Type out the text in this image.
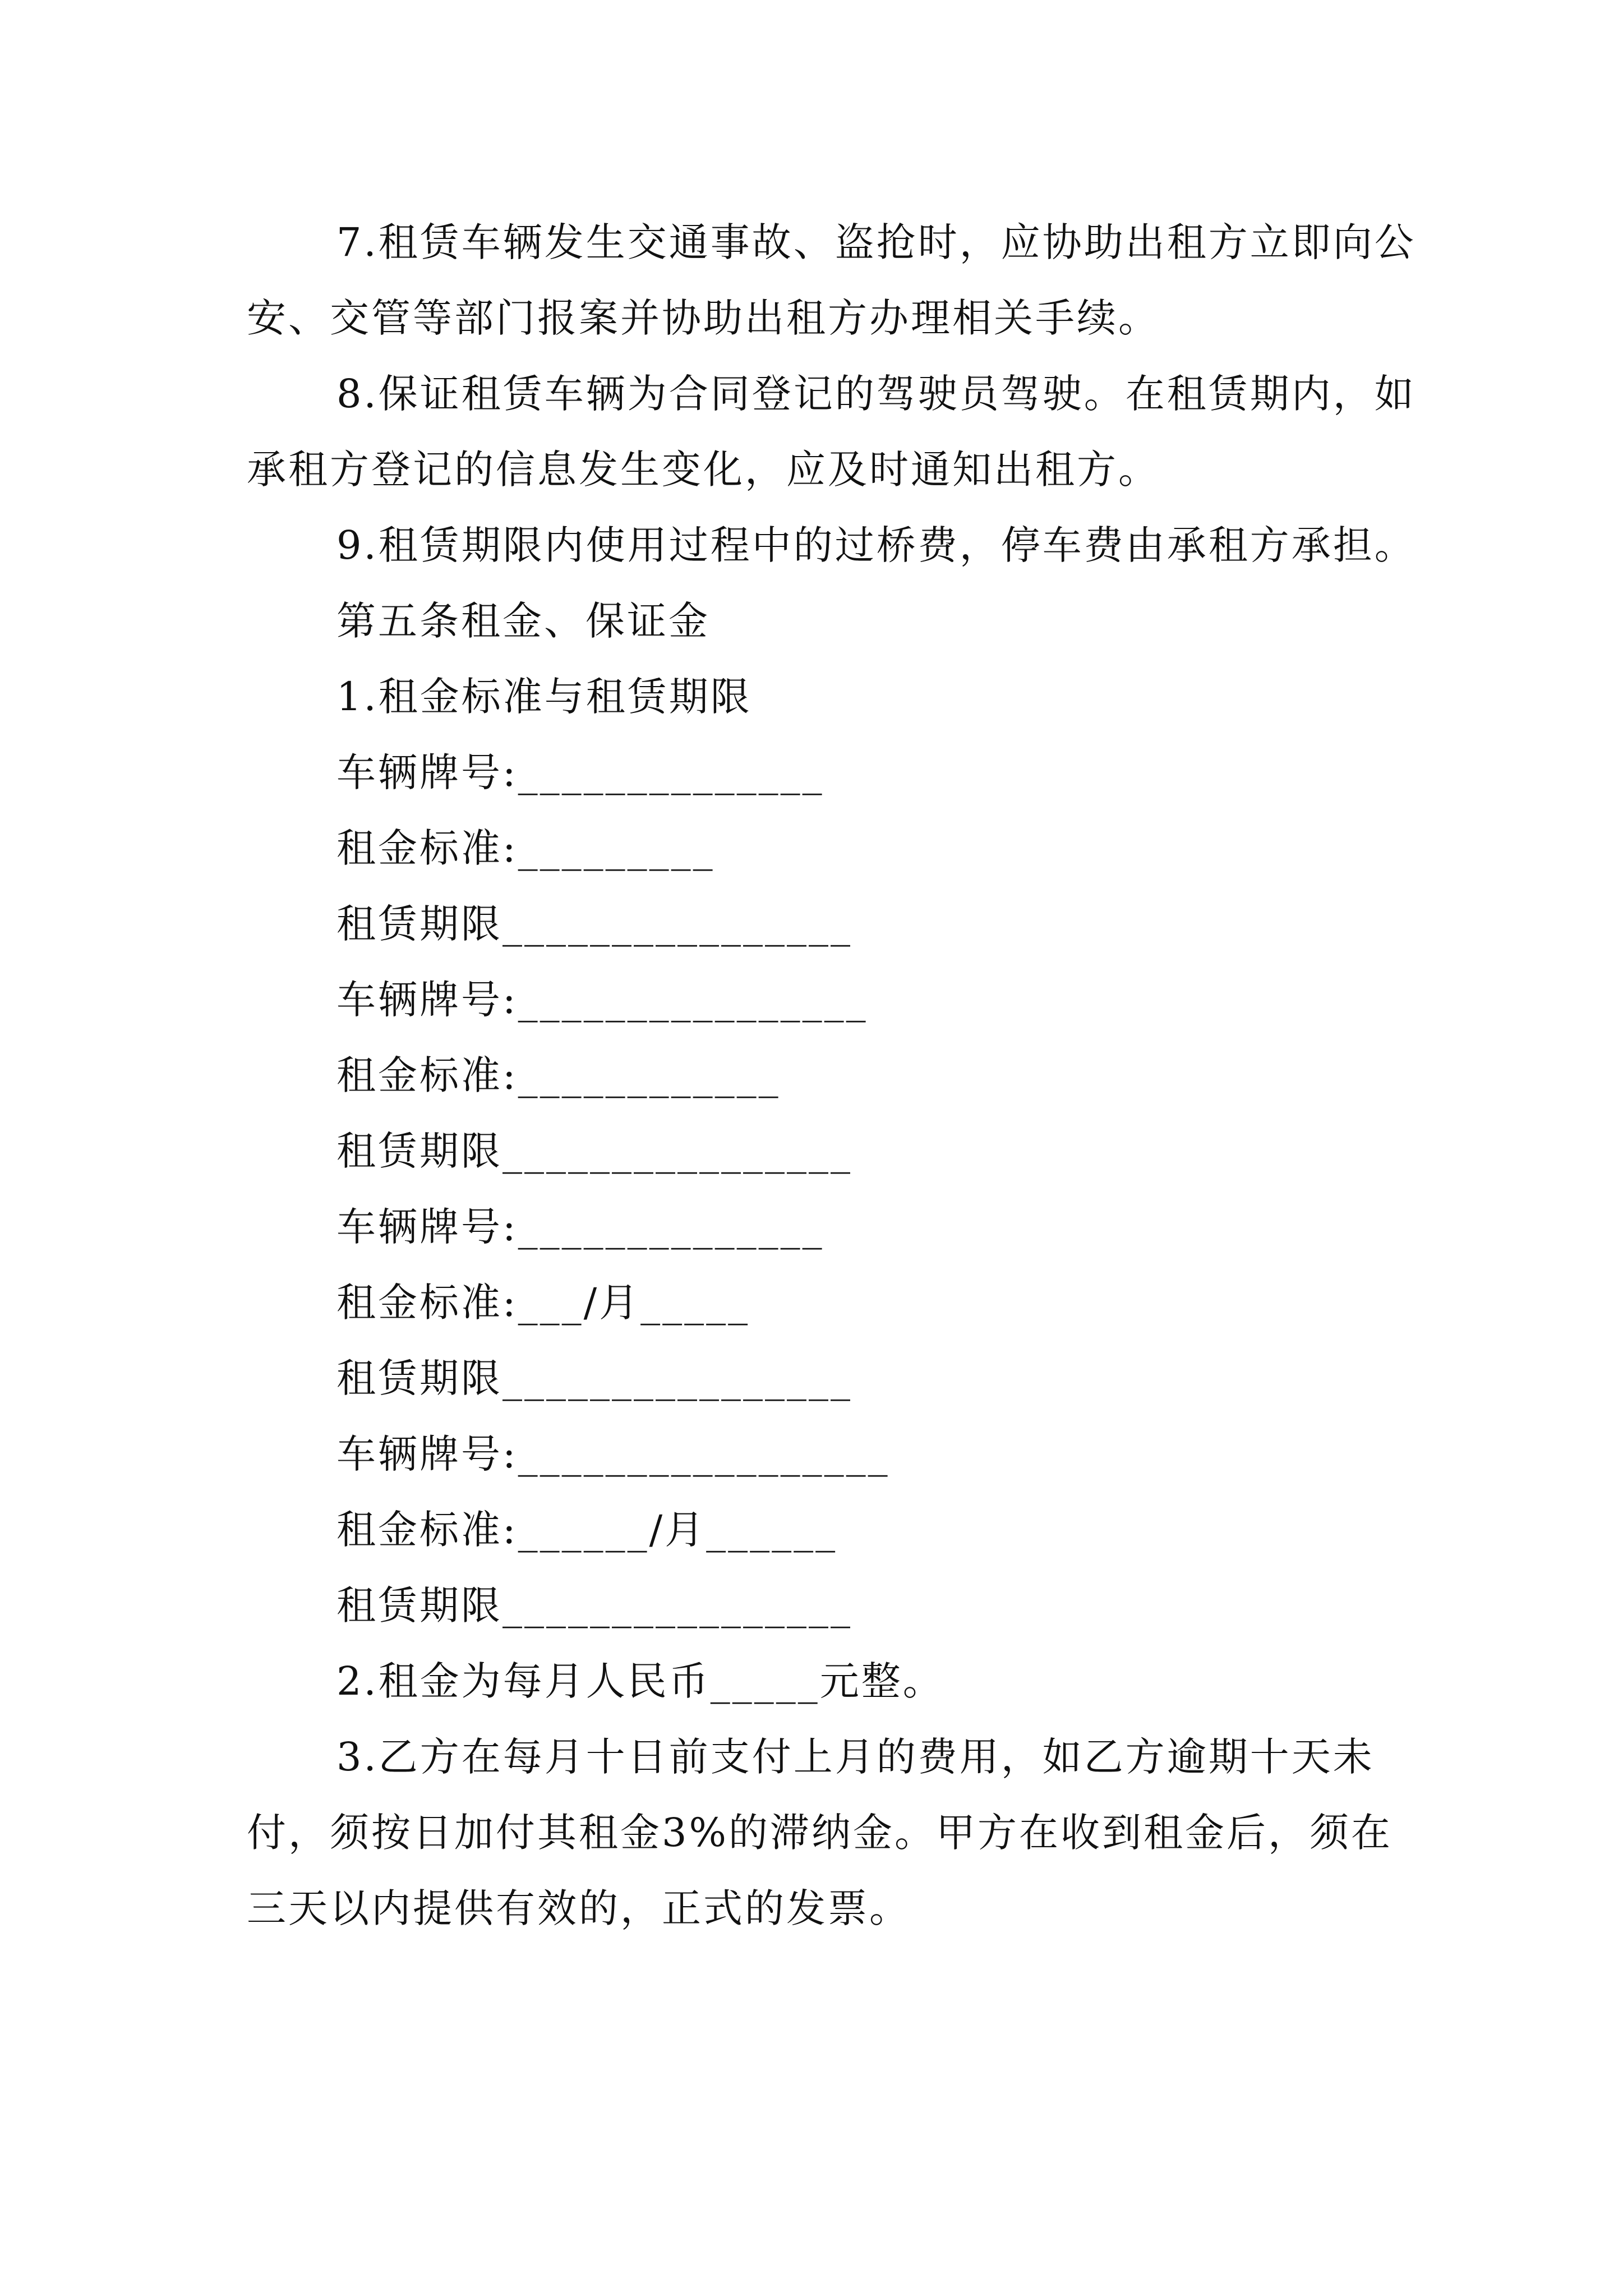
7.租赁车辆发生交通事故、盗抢时，应协助出租方立即向公安、交管等部门报案并协助出租方办理相关手续。

8.保证租赁车辆为合同登记的驾驶员驾驶。在租赁期内，如承租方登记的信息发生变化，应及时通知出租方。

9.租赁期限内使用过程中的过桥费，停车费由承租方承担。

第五条租金、保证金

1.租金标准与租赁期限

车辆牌号:______________

租金标准:_________

租赁期限________________

车辆牌号:________________

租金标准:____________

租赁期限________________

车辆牌号:______________

租金标准:___/月_____

租赁期限________________

车辆牌号:_________________

租金标准:______/月______

租赁期限________________

2.租金为每月人民币_____元整。

3.乙方在每月十日前支付上月的费用，如乙方逾期十天未付，须按日加付其租金3%的滞纳金。甲方在收到租金后，须在三天以内提供有效的，正式的发票。
